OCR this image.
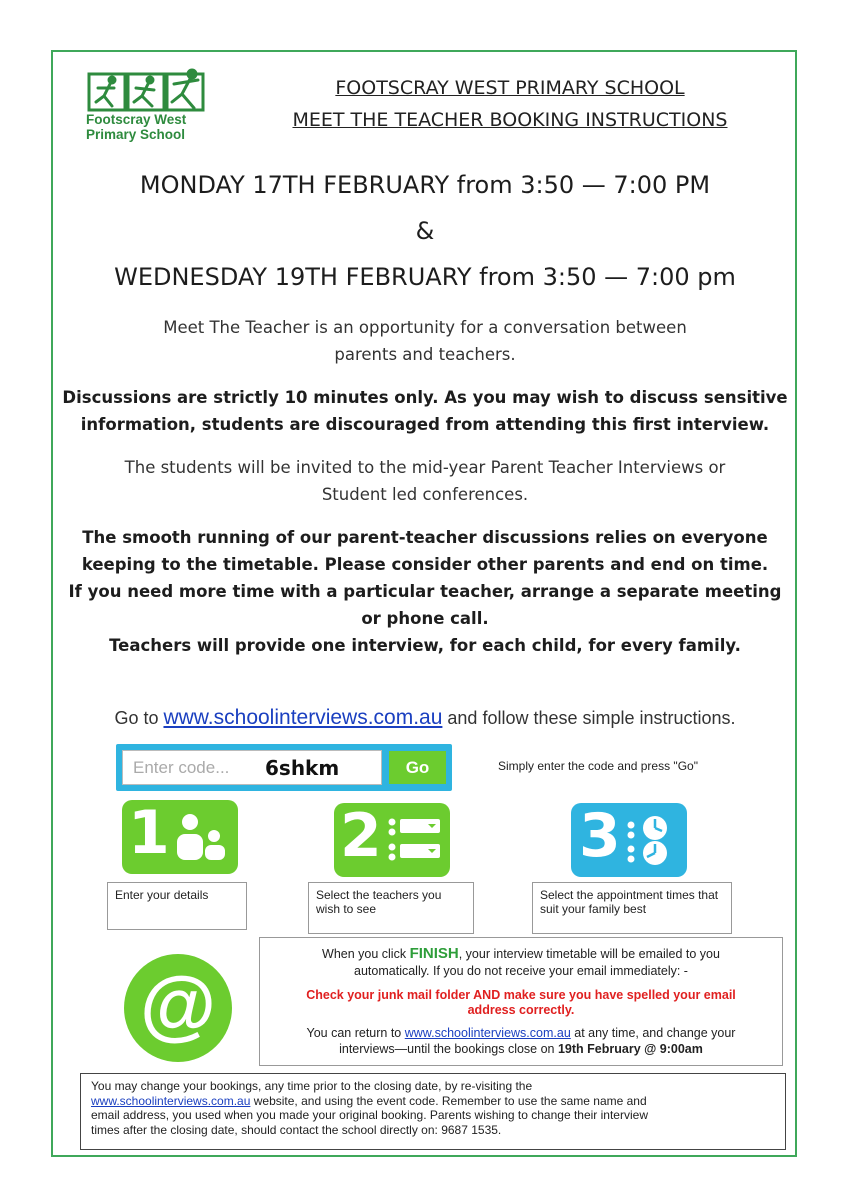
Footscray West
Primary School
FOOTSCRAY WEST PRIMARY SCHOOL
MEET THE TEACHER BOOKING INSTRUCTIONS
MONDAY 17TH FEBRUARY from 3:50 — 7:00 PM
&
WEDNESDAY 19TH FEBRUARY from 3:50 — 7:00 pm
Meet The Teacher is an opportunity for a conversation between
parents and teachers.
Discussions are strictly 10 minutes only. As you may wish to discuss sensitive
information, students are discouraged from attending this first interview.
The students will be invited to the mid-year Parent Teacher Interviews or
Student led conferences.
The smooth running of our parent-teacher discussions relies on everyone
keeping to the timetable. Please consider other parents and end on time.
If you need more time with a particular teacher, arrange a separate meeting
or phone call.
Teachers will provide one interview, for each child, for every family.
Go to www.schoolinterviews.com.au and follow these simple instructions.
Enter code... 6shkm	Go	Simply enter the code and press "Go"
1	2	3
Enter your details	Select the teachers you wish to see
Select the appointment times that suit your family best
@
When you click FINISH, your interview timetable will be emailed to you
automatically. If you do not receive your email immediately: -
Check your junk mail folder AND make sure you have spelled your email
address correctly.
You can return to www.schoolinterviews.com.au at any time, and change your
interviews—until the bookings close on 19th February @ 9:00am
You may change your bookings, any time prior to the closing date, by re-visiting the
www.schoolinterviews.com.au website, and using the event code. Remember to use the same name and
email address, you used when you made your original booking. Parents wishing to change their interview
times after the closing date, should contact the school directly on: 9687 1535.
